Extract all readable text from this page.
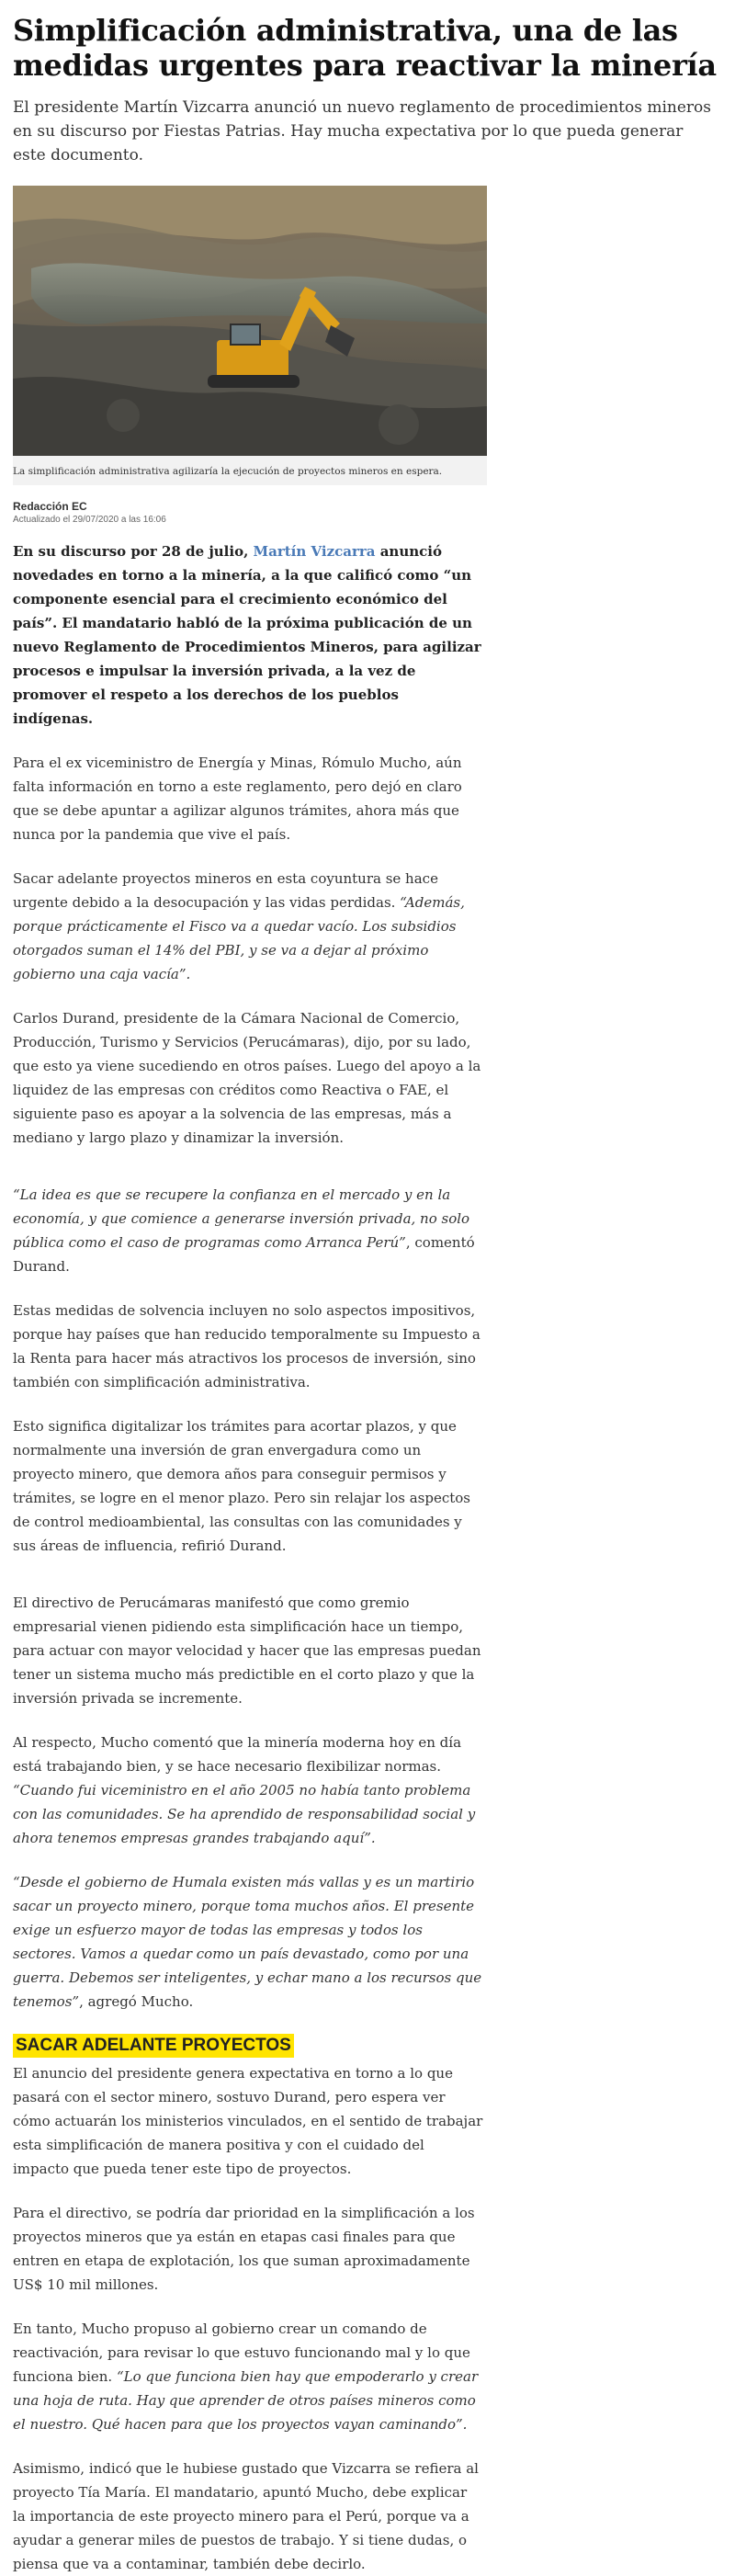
Simplificación administrativa, una de las medidas urgentes para reactivar la minería

El presidente Martín Vizcarra anunció un nuevo reglamento de procedimientos mineros en su discurso por Fiestas Patrias. Hay mucha expectativa por lo que pueda generar este documento.

La simplificación administrativa agilizaría la ejecución de proyectos mineros en espera.
Redacción EC
Actualizado el 29/07/2020 a las 16:06

En su discurso por 28 de julio, Martín Vizcarra anunció novedades en torno a la minería, a la que calificó como “un componente esencial para el crecimiento económico del país”. El mandatario habló de la próxima publicación de un nuevo Reglamento de Procedimientos Mineros, para agilizar procesos e impulsar la inversión privada, a la vez de promover el respeto a los derechos de los pueblos indígenas.

Para el ex viceministro de Energía y Minas, Rómulo Mucho, aún falta información en torno a este reglamento, pero dejó en claro que se debe apuntar a agilizar algunos trámites, ahora más que nunca por la pandemia que vive el país.

Sacar adelante proyectos mineros en esta coyuntura se hace urgente debido a la desocupación y las vidas perdidas. “Además, porque prácticamente el Fisco va a quedar vacío. Los subsidios otorgados suman el 14% del PBI, y se va a dejar al próximo gobierno una caja vacía”.

Carlos Durand, presidente de la Cámara Nacional de Comercio, Producción, Turismo y Servicios (Perucámaras), dijo, por su lado, que esto ya viene sucediendo en otros países. Luego del apoyo a la liquidez de las empresas con créditos como Reactiva o FAE, el siguiente paso es apoyar a la solvencia de las empresas, más a mediano y largo plazo y dinamizar la inversión.

“La idea es que se recupere la confianza en el mercado y en la economía, y que comience a generarse inversión privada, no solo pública como el caso de programas como Arranca Perú”, comentó Durand.

Estas medidas de solvencia incluyen no solo aspectos impositivos, porque hay países que han reducido temporalmente su Impuesto a la Renta para hacer más atractivos los procesos de inversión, sino también con simplificación administrativa.

Esto significa digitalizar los trámites para acortar plazos, y que normalmente una inversión de gran envergadura como un proyecto minero, que demora años para conseguir permisos y trámites, se logre en el menor plazo. Pero sin relajar los aspectos de control medioambiental, las consultas con las comunidades y sus áreas de influencia, refirió Durand.

El directivo de Perucámaras manifestó que como gremio empresarial vienen pidiendo esta simplificación hace un tiempo, para actuar con mayor velocidad y hacer que las empresas puedan tener un sistema mucho más predictible en el corto plazo y que la inversión privada se incremente.

Al respecto, Mucho comentó que la minería moderna hoy en día está trabajando bien, y se hace necesario flexibilizar normas. “Cuando fui viceministro en el año 2005 no había tanto problema con las comunidades. Se ha aprendido de responsabilidad social y ahora tenemos empresas grandes trabajando aquí”.

“Desde el gobierno de Humala existen más vallas y es un martirio sacar un proyecto minero, porque toma muchos años. El presente exige un esfuerzo mayor de todas las empresas y todos los sectores. Vamos a quedar como un país devastado, como por una guerra. Debemos ser inteligentes, y echar mano a los recursos que tenemos”, agregó Mucho.

SACAR ADELANTE PROYECTOS

El anuncio del presidente genera expectativa en torno a lo que pasará con el sector minero, sostuvo Durand, pero espera ver cómo actuarán los ministerios vinculados, en el sentido de trabajar esta simplificación de manera positiva y con el cuidado del impacto que pueda tener este tipo de proyectos.

Para el directivo, se podría dar prioridad en la simplificación a los proyectos mineros que ya están en etapas casi finales para que entren en etapa de explotación, los que suman aproximadamente US$ 10 mil millones.

En tanto, Mucho propuso al gobierno crear un comando de reactivación, para revisar lo que estuvo funcionando mal y lo que funciona bien. “Lo que funciona bien hay que empoderarlo y crear una hoja de ruta. Hay que aprender de otros países mineros como el nuestro. Qué hacen para que los proyectos vayan caminando”.

Asimismo, indicó que le hubiese gustado que Vizcarra se refiera al proyecto Tía María. El mandatario, apuntó Mucho, debe explicar la importancia de este proyecto minero para el Perú, porque va a ayudar a generar miles de puestos de trabajo. Y si tiene dudas, o piensa que va a contaminar, también debe decirlo.
